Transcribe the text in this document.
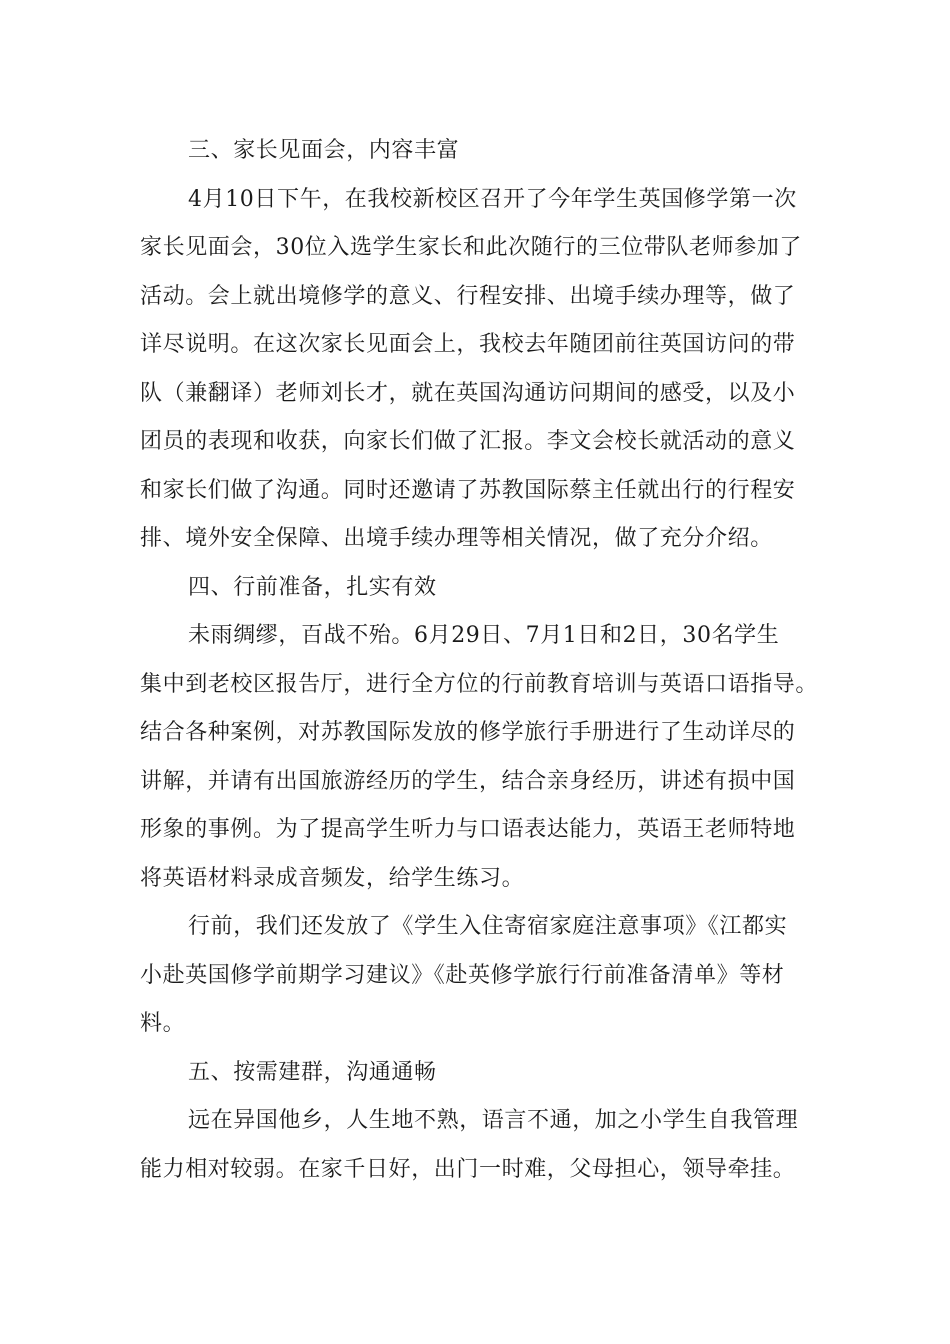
三、家长见面会，内容丰富
4月10日下午，在我校新校区召开了今年学生英国修学第一次
家长见面会，30位入选学生家长和此次随行的三位带队老师参加了
活动。会上就出境修学的意义、行程安排、出境手续办理等，做了
详尽说明。在这次家长见面会上，我校去年随团前往英国访问的带
队（兼翻译）老师刘长才，就在英国沟通访问期间的感受，以及小
团员的表现和收获，向家长们做了汇报。李文会校长就活动的意义
和家长们做了沟通。同时还邀请了苏教国际蔡主任就出行的行程安
排、境外安全保障、出境手续办理等相关情况，做了充分介绍。
四、行前准备，扎实有效
未雨绸缪，百战不殆。6月29日、7月1日和2日，30名学生
集中到老校区报告厅，进行全方位的行前教育培训与英语口语指导。
结合各种案例，对苏教国际发放的修学旅行手册进行了生动详尽的
讲解，并请有出国旅游经历的学生，结合亲身经历，讲述有损中国
形象的事例。为了提高学生听力与口语表达能力，英语王老师特地
将英语材料录成音频发，给学生练习。
行前，我们还发放了《学生入住寄宿家庭注意事项》《江都实
小赴英国修学前期学习建议》《赴英修学旅行行前准备清单》等材
料。
五、按需建群，沟通通畅
远在异国他乡，人生地不熟，语言不通，加之小学生自我管理
能力相对较弱。在家千日好，出门一时难，父母担心，领导牵挂。
